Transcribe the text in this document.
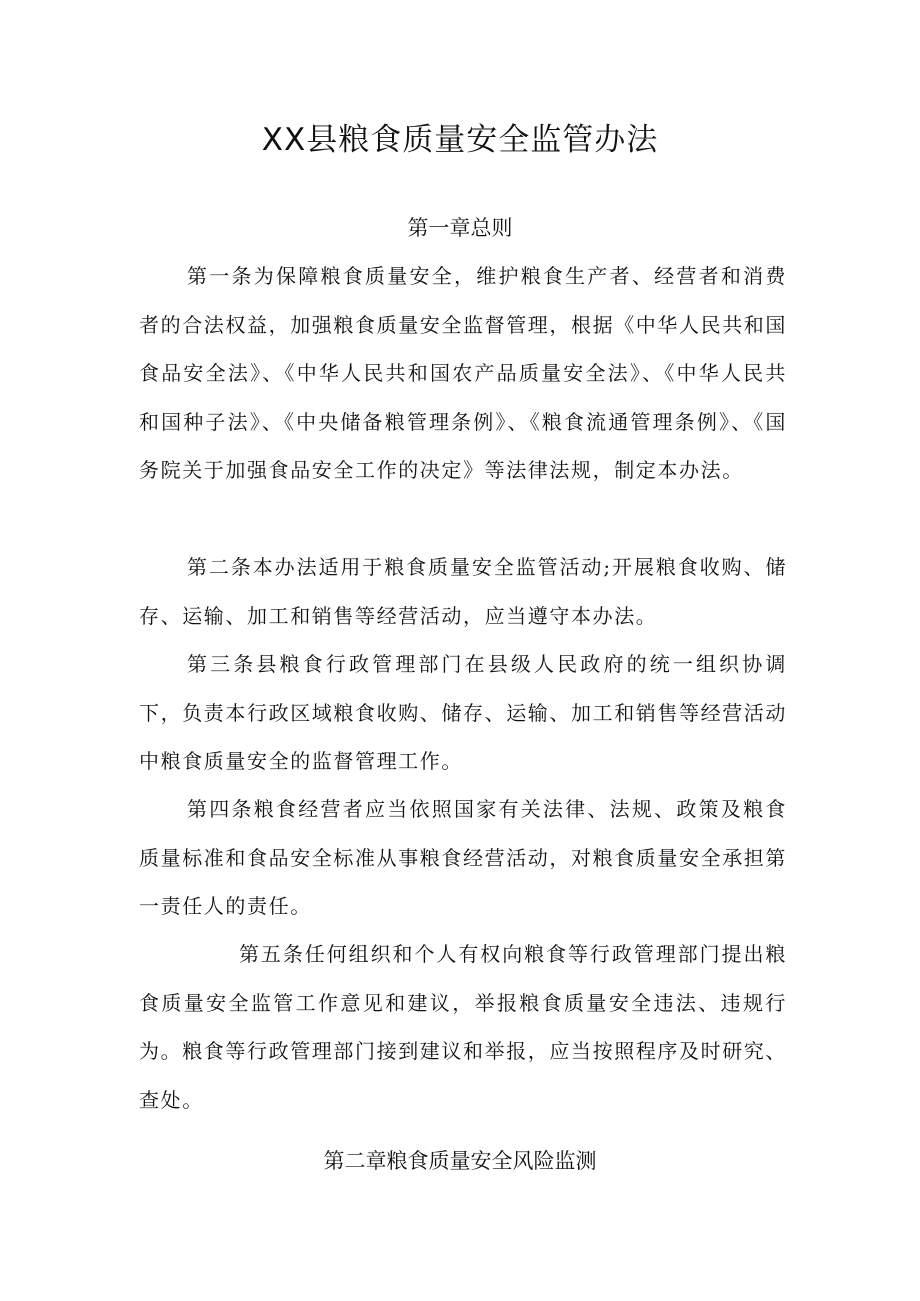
XX县粮食质量安全监管办法
第一章总则

第一条为保障粮食质量安全，维护粮食生产者、经营者和消费者的合法权益，加强粮食质量安全监督管理，根据《中华人民共和国食品安全法》、《中华人民共和国农产品质量安全法》、《中华人民共和国种子法》、《中央储备粮管理条例》、《粮食流通管理条例》、《国务院关于加强食品安全工作的决定》等法律法规，制定本办法。

第二条本办法适用于粮食质量安全监管活动;开展粮食收购、储存、运输、加工和销售等经营活动，应当遵守本办法。

第三条县粮食行政管理部门在县级人民政府的统一组织协调下，负责本行政区域粮食收购、储存、运输、加工和销售等经营活动中粮食质量安全的监督管理工作。

第四条粮食经营者应当依照国家有关法律、法规、政策及粮食质量标准和食品安全标准从事粮食经营活动，对粮食质量安全承担第一责任人的责任。

第五条任何组织和个人有权向粮食等行政管理部门提出粮食质量安全监管工作意见和建议，举报粮食质量安全违法、违规行为。粮食等行政管理部门接到建议和举报，应当按照程序及时研究、查处。

第二章粮食质量安全风险监测
